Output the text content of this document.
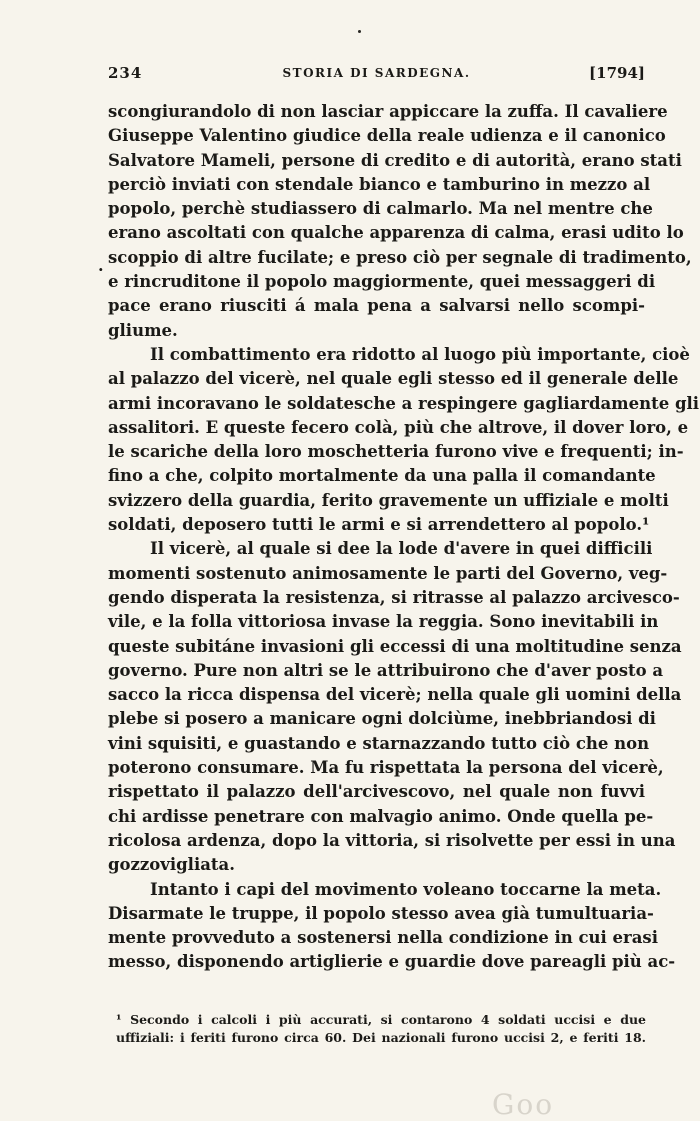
234	STORIA DI SARDEGNA.	[1794]
.
scongiurandolo di non lasciar appiccare la zuffa. Il cavaliere
Giuseppe Valentino giudice della reale udienza e il canonico
Salvatore Mameli, persone di credito e di autorità, erano stati
perciò inviati con stendale bianco e tamburino in mezzo al
popolo, perchè studiassero di calmarlo. Ma nel mentre che
erano ascoltati con qualche apparenza di calma, erasi udito lo
scoppio di altre fucilate; e preso ciò per segnale di tradimento,
e rincruditone il popolo maggiormente, quei messaggeri di
pace erano riusciti á mala pena a salvarsi nello scompi-
gliume.
Il combattimento era ridotto al luogo più importante, cioè
al palazzo del vicerè, nel quale egli stesso ed il generale delle
armi incoravano le soldatesche a respingere gagliardamente gli
assalitori. E queste fecero colà, più che altrove, il dover loro, e
le scariche della loro moschetteria furono vive e frequenti; in-
fino a che, colpito mortalmente da una palla il comandante
svizzero della guardia, ferito gravemente un uffiziale e molti
soldati, deposero tutti le armi e si arrendettero al popolo.¹
Il vicerè, al quale si dee la lode d'avere in quei difficili
momenti sostenuto animosamente le parti del Governo, veg-
gendo disperata la resistenza, si ritrasse al palazzo arcivesco-
vile, e la folla vittoriosa invase la reggia. Sono inevitabili in
queste subitáne invasioni gli eccessi di una moltitudine senza
governo. Pure non altri se le attribuirono che d'aver posto a
sacco la ricca dispensa del vicerè; nella quale gli uomini della
plebe si posero a manicare ogni dolciùme, inebbriandosi di
vini squisiti, e guastando e starnazzando tutto ciò che non
poterono consumare. Ma fu rispettata la persona del vicerè,
rispettato il palazzo dell'arcivescovo, nel quale non fuvvi
chi ardisse penetrare con malvagio animo. Onde quella pe-
ricolosa ardenza, dopo la vittoria, si risolvette per essi in una
gozzovigliata.
Intanto i capi del movimento voleano toccarne la meta.
Disarmate le truppe, il popolo stesso avea già tumultuaria-
mente provveduto a sostenersi nella condizione in cui erasi
messo, disponendo artiglierie e guardie dove pareagli più ac-
¹ Secondo i calcoli i più accurati, si contarono 4 soldati uccisi e due
uffiziali: i feriti furono circa 60. Dei nazionali furono uccisi 2, e feriti 18.
Goo
